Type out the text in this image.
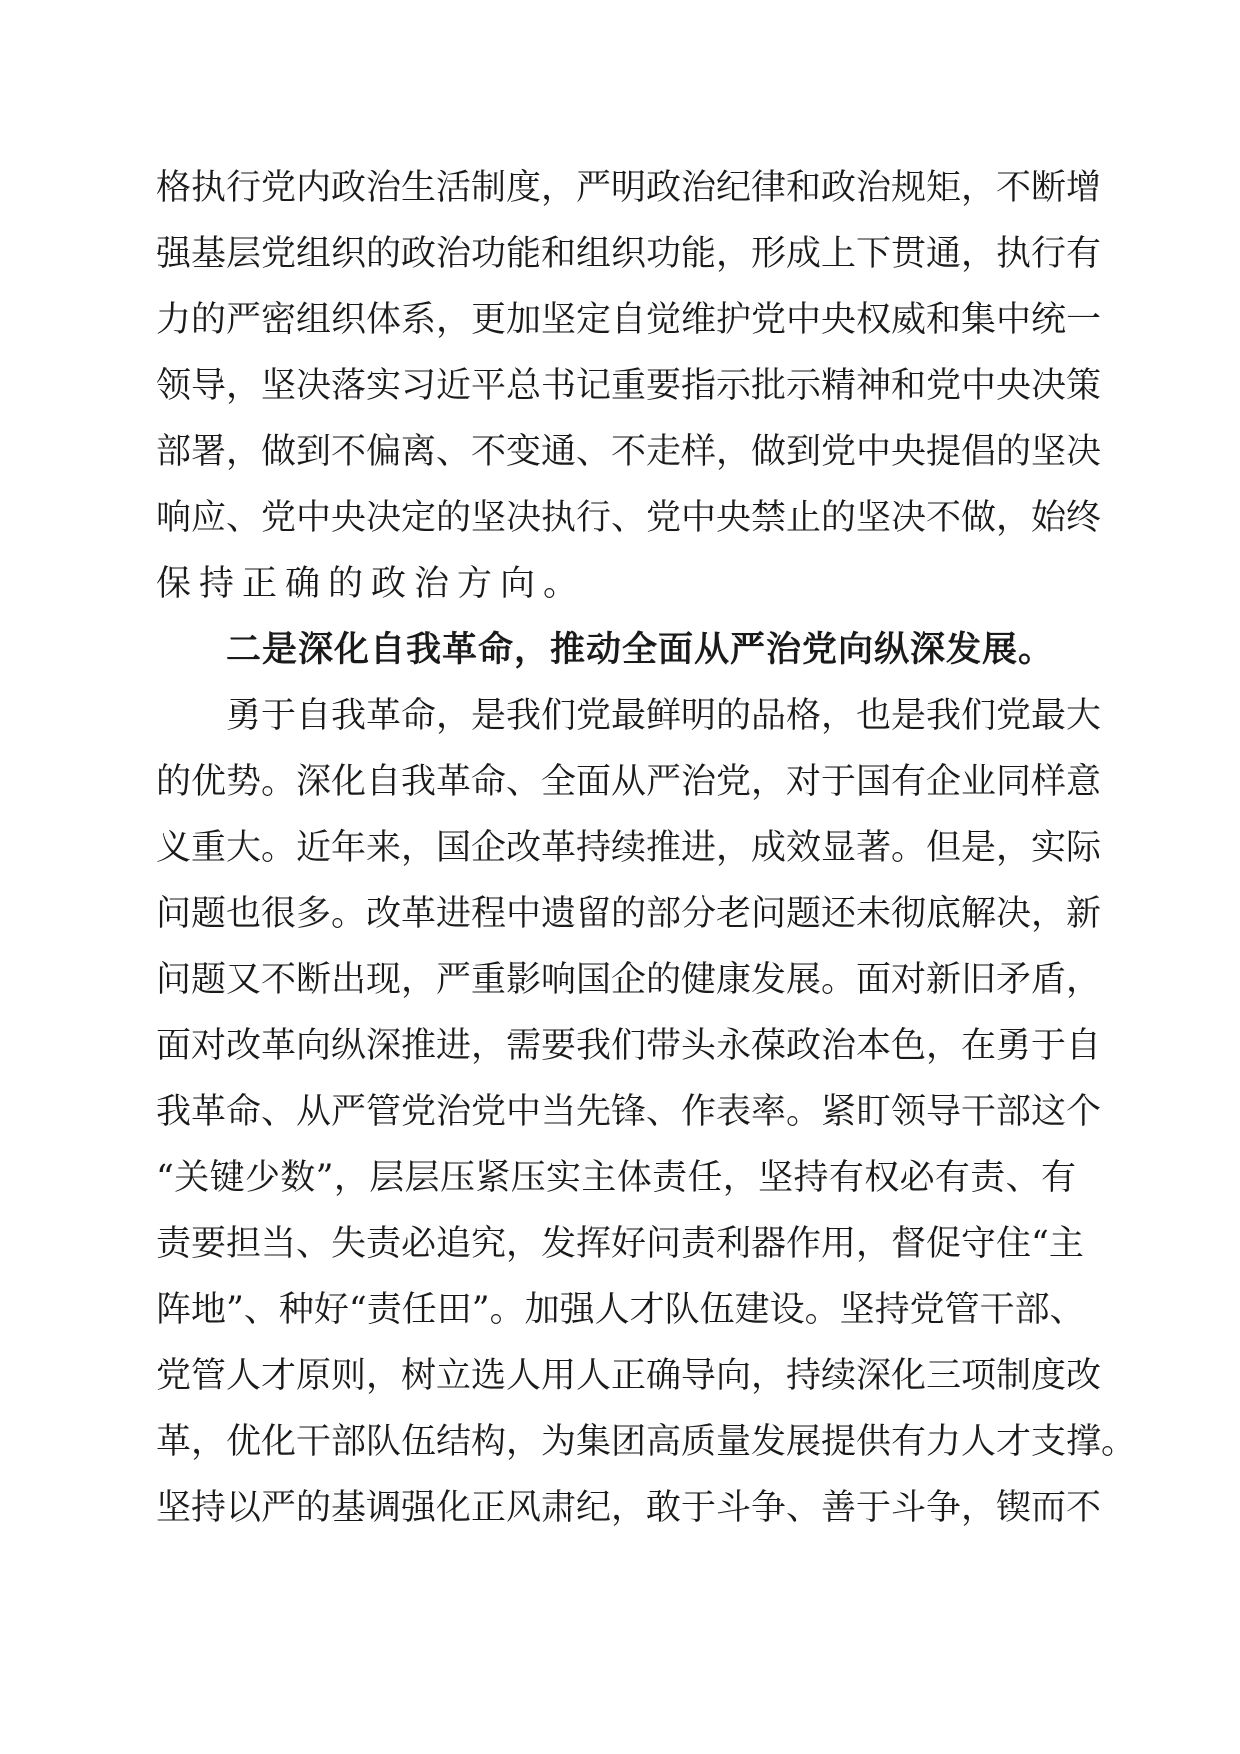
格执行党内政治生活制度，严明政治纪律和政治规矩，不断增
强基层党组织的政治功能和组织功能，形成上下贯通，执行有
力的严密组织体系，更加坚定自觉维护党中央权威和集中统一
领导，坚决落实习近平总书记重要指示批示精神和党中央决策
部署，做到不偏离、不变通、不走样，做到党中央提倡的坚决
响应、党中央决定的坚决执行、党中央禁止的坚决不做，始终
保持正确的政治方向。
二是深化自我革命，推动全面从严治党向纵深发展。
勇于自我革命，是我们党最鲜明的品格，也是我们党最大
的优势。深化自我革命、全面从严治党，对于国有企业同样意
义重大。近年来，国企改革持续推进，成效显著。但是，实际
问题也很多。改革进程中遗留的部分老问题还未彻底解决，新
问题又不断出现，严重影响国企的健康发展。面对新旧矛盾，
面对改革向纵深推进，需要我们带头永葆政治本色，在勇于自
我革命、从严管党治党中当先锋、作表率。紧盯领导干部这个
“关键少数”，层层压紧压实主体责任，坚持有权必有责、有
责要担当、失责必追究，发挥好问责利器作用，督促守住“主
阵地”、种好“责任田”。加强人才队伍建设。坚持党管干部、
党管人才原则，树立选人用人正确导向，持续深化三项制度改
革，优化干部队伍结构，为集团高质量发展提供有力人才支撑。
坚持以严的基调强化正风肃纪，敢于斗争、善于斗争，锲而不
